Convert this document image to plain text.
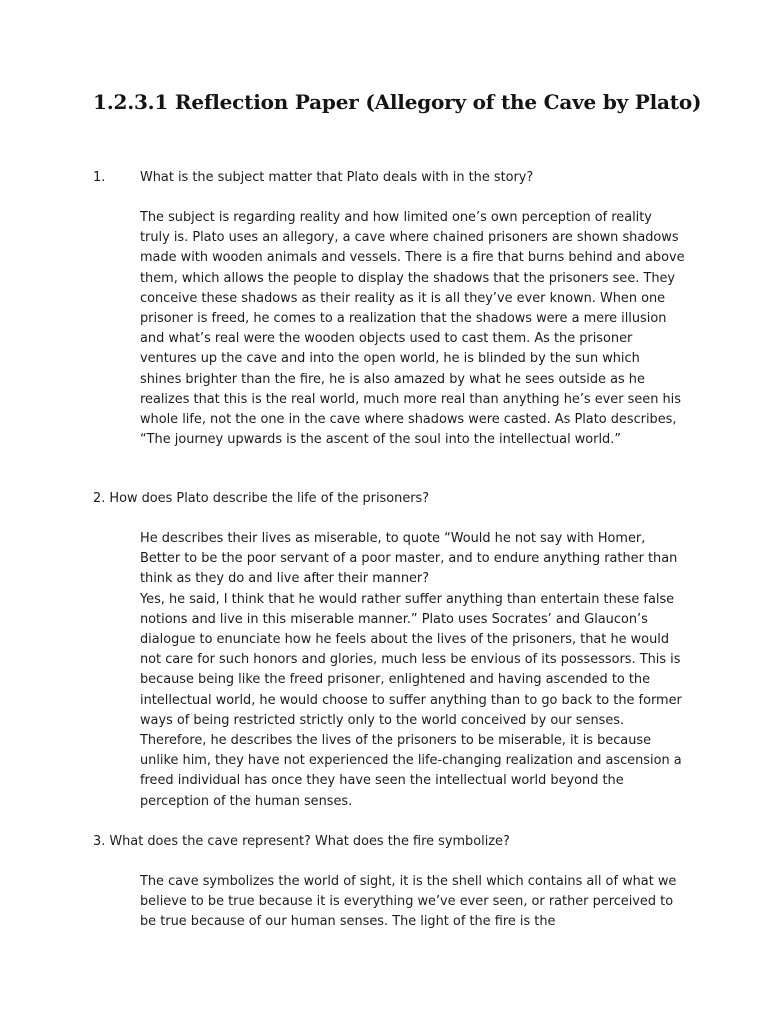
1.2.3.1 Reflection Paper (Allegory of the Cave by Plato)
1.	What is the subject matter that Plato deals with in the story?

The subject is regarding reality and how limited one’s own perception of reality truly is. Plato uses an allegory, a cave where chained prisoners are shown shadows made with wooden animals and vessels. There is a fire that burns behind and above them, which allows the people to display the shadows that the prisoners see. They conceive these shadows as their reality as it is all they’ve ever known. When one prisoner is freed, he comes to a realization that the shadows were a mere illusion and what’s real were the wooden objects used to cast them. As the prisoner ventures up the cave and into the open world, he is blinded by the sun which shines brighter than the fire, he is also amazed by what he sees outside as he realizes that this is the real world, much more real than anything he’s ever seen his whole life, not the one in the cave where shadows were casted. As Plato describes, “The journey upwards is the ascent of the soul into the intellectual world.”

2. How does Plato describe the life of the prisoners?

He describes their lives as miserable, to quote “Would he not say with Homer, Better to be the poor servant of a poor master, and to endure anything rather than think as they do and live after their manner?

Yes, he said, I think that he would rather suffer anything than entertain these false notions and live in this miserable manner.” Plato uses Socrates’ and Glaucon’s dialogue to enunciate how he feels about the lives of the prisoners, that he would not care for such honors and glories, much less be envious of its possessors. This is because being like the freed prisoner, enlightened and having ascended to the intellectual world, he would choose to suffer anything than to go back to the former ways of being restricted strictly only to the world conceived by our senses. Therefore, he describes the lives of the prisoners to be miserable, it is because unlike him, they have not experienced the life-changing realization and ascension a freed individual has once they have seen the intellectual world beyond the perception of the human senses.

3. What does the cave represent? What does the fire symbolize?

The cave symbolizes the world of sight, it is the shell which contains all of what we believe to be true because it is everything we’ve ever seen, or rather perceived to be true because of our human senses. The light of the fire is the
